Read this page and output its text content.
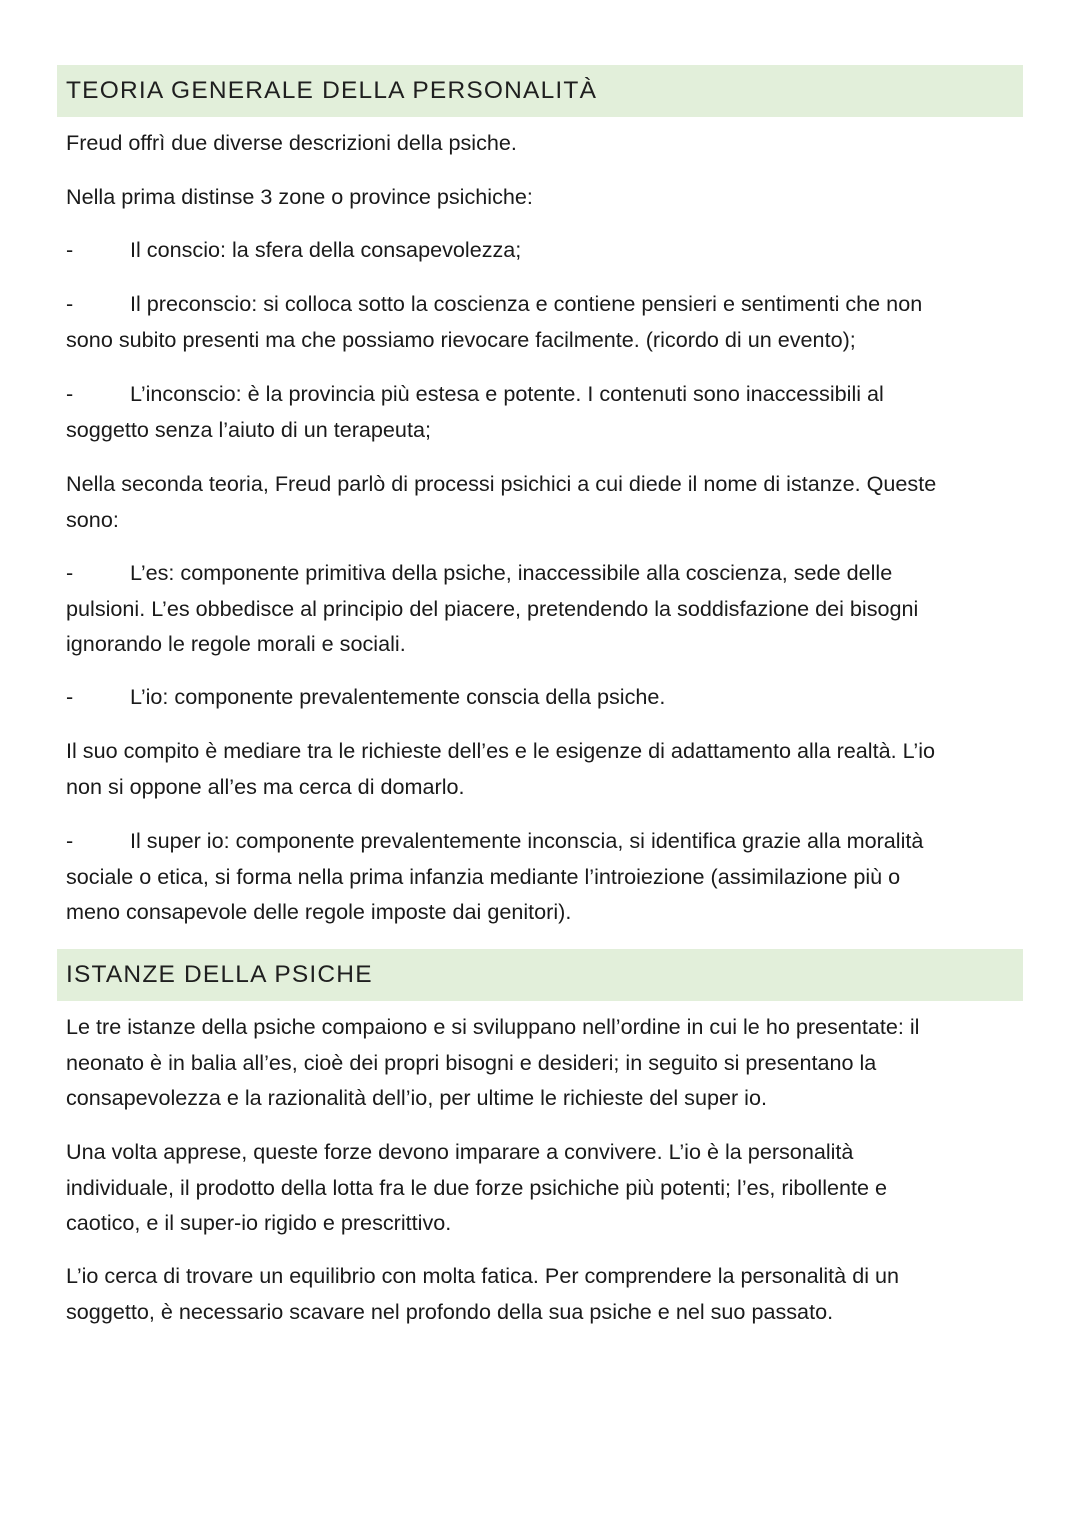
TEORIA GENERALE DELLA PERSONALITÀ
Freud offrì due diverse descrizioni della psiche.
Nella prima distinse 3 zone o province psichiche:
-	Il conscio: la sfera della consapevolezza;
-	Il preconscio: si colloca sotto la coscienza e contiene pensieri e sentimenti che non
sono subito presenti ma che possiamo rievocare facilmente. (ricordo di un evento);
-	L’inconscio: è la provincia più estesa e potente. I contenuti sono inaccessibili al
soggetto senza l’aiuto di un terapeuta;
Nella seconda teoria, Freud parlò di processi psichici a cui diede il nome di istanze. Queste
sono:
-	L’es: componente primitiva della psiche, inaccessibile alla coscienza, sede delle
pulsioni. L’es obbedisce al principio del piacere, pretendendo la soddisfazione dei bisogni
ignorando le regole morali e sociali.
-	L’io: componente prevalentemente conscia della psiche.
Il suo compito è mediare tra le richieste dell’es e le esigenze di adattamento alla realtà. L’io
non si oppone all’es ma cerca di domarlo.
-	Il super io: componente prevalentemente inconscia, si identifica grazie alla moralità
sociale o etica, si forma nella prima infanzia mediante l’introiezione (assimilazione più o
meno consapevole delle regole imposte dai genitori).
ISTANZE DELLA PSICHE
Le tre istanze della psiche compaiono e si sviluppano nell’ordine in cui le ho presentate: il
neonato è in balia all’es, cioè dei propri bisogni e desideri; in seguito si presentano la
consapevolezza e la razionalità dell’io, per ultime le richieste del super io.
Una volta apprese, queste forze devono imparare a convivere. L’io è la personalità
individuale, il prodotto della lotta fra le due forze psichiche più potenti; l’es, ribollente e
caotico, e il super-io rigido e prescrittivo.
L’io cerca di trovare un equilibrio con molta fatica. Per comprendere la personalità di un
soggetto, è necessario scavare nel profondo della sua psiche e nel suo passato.
